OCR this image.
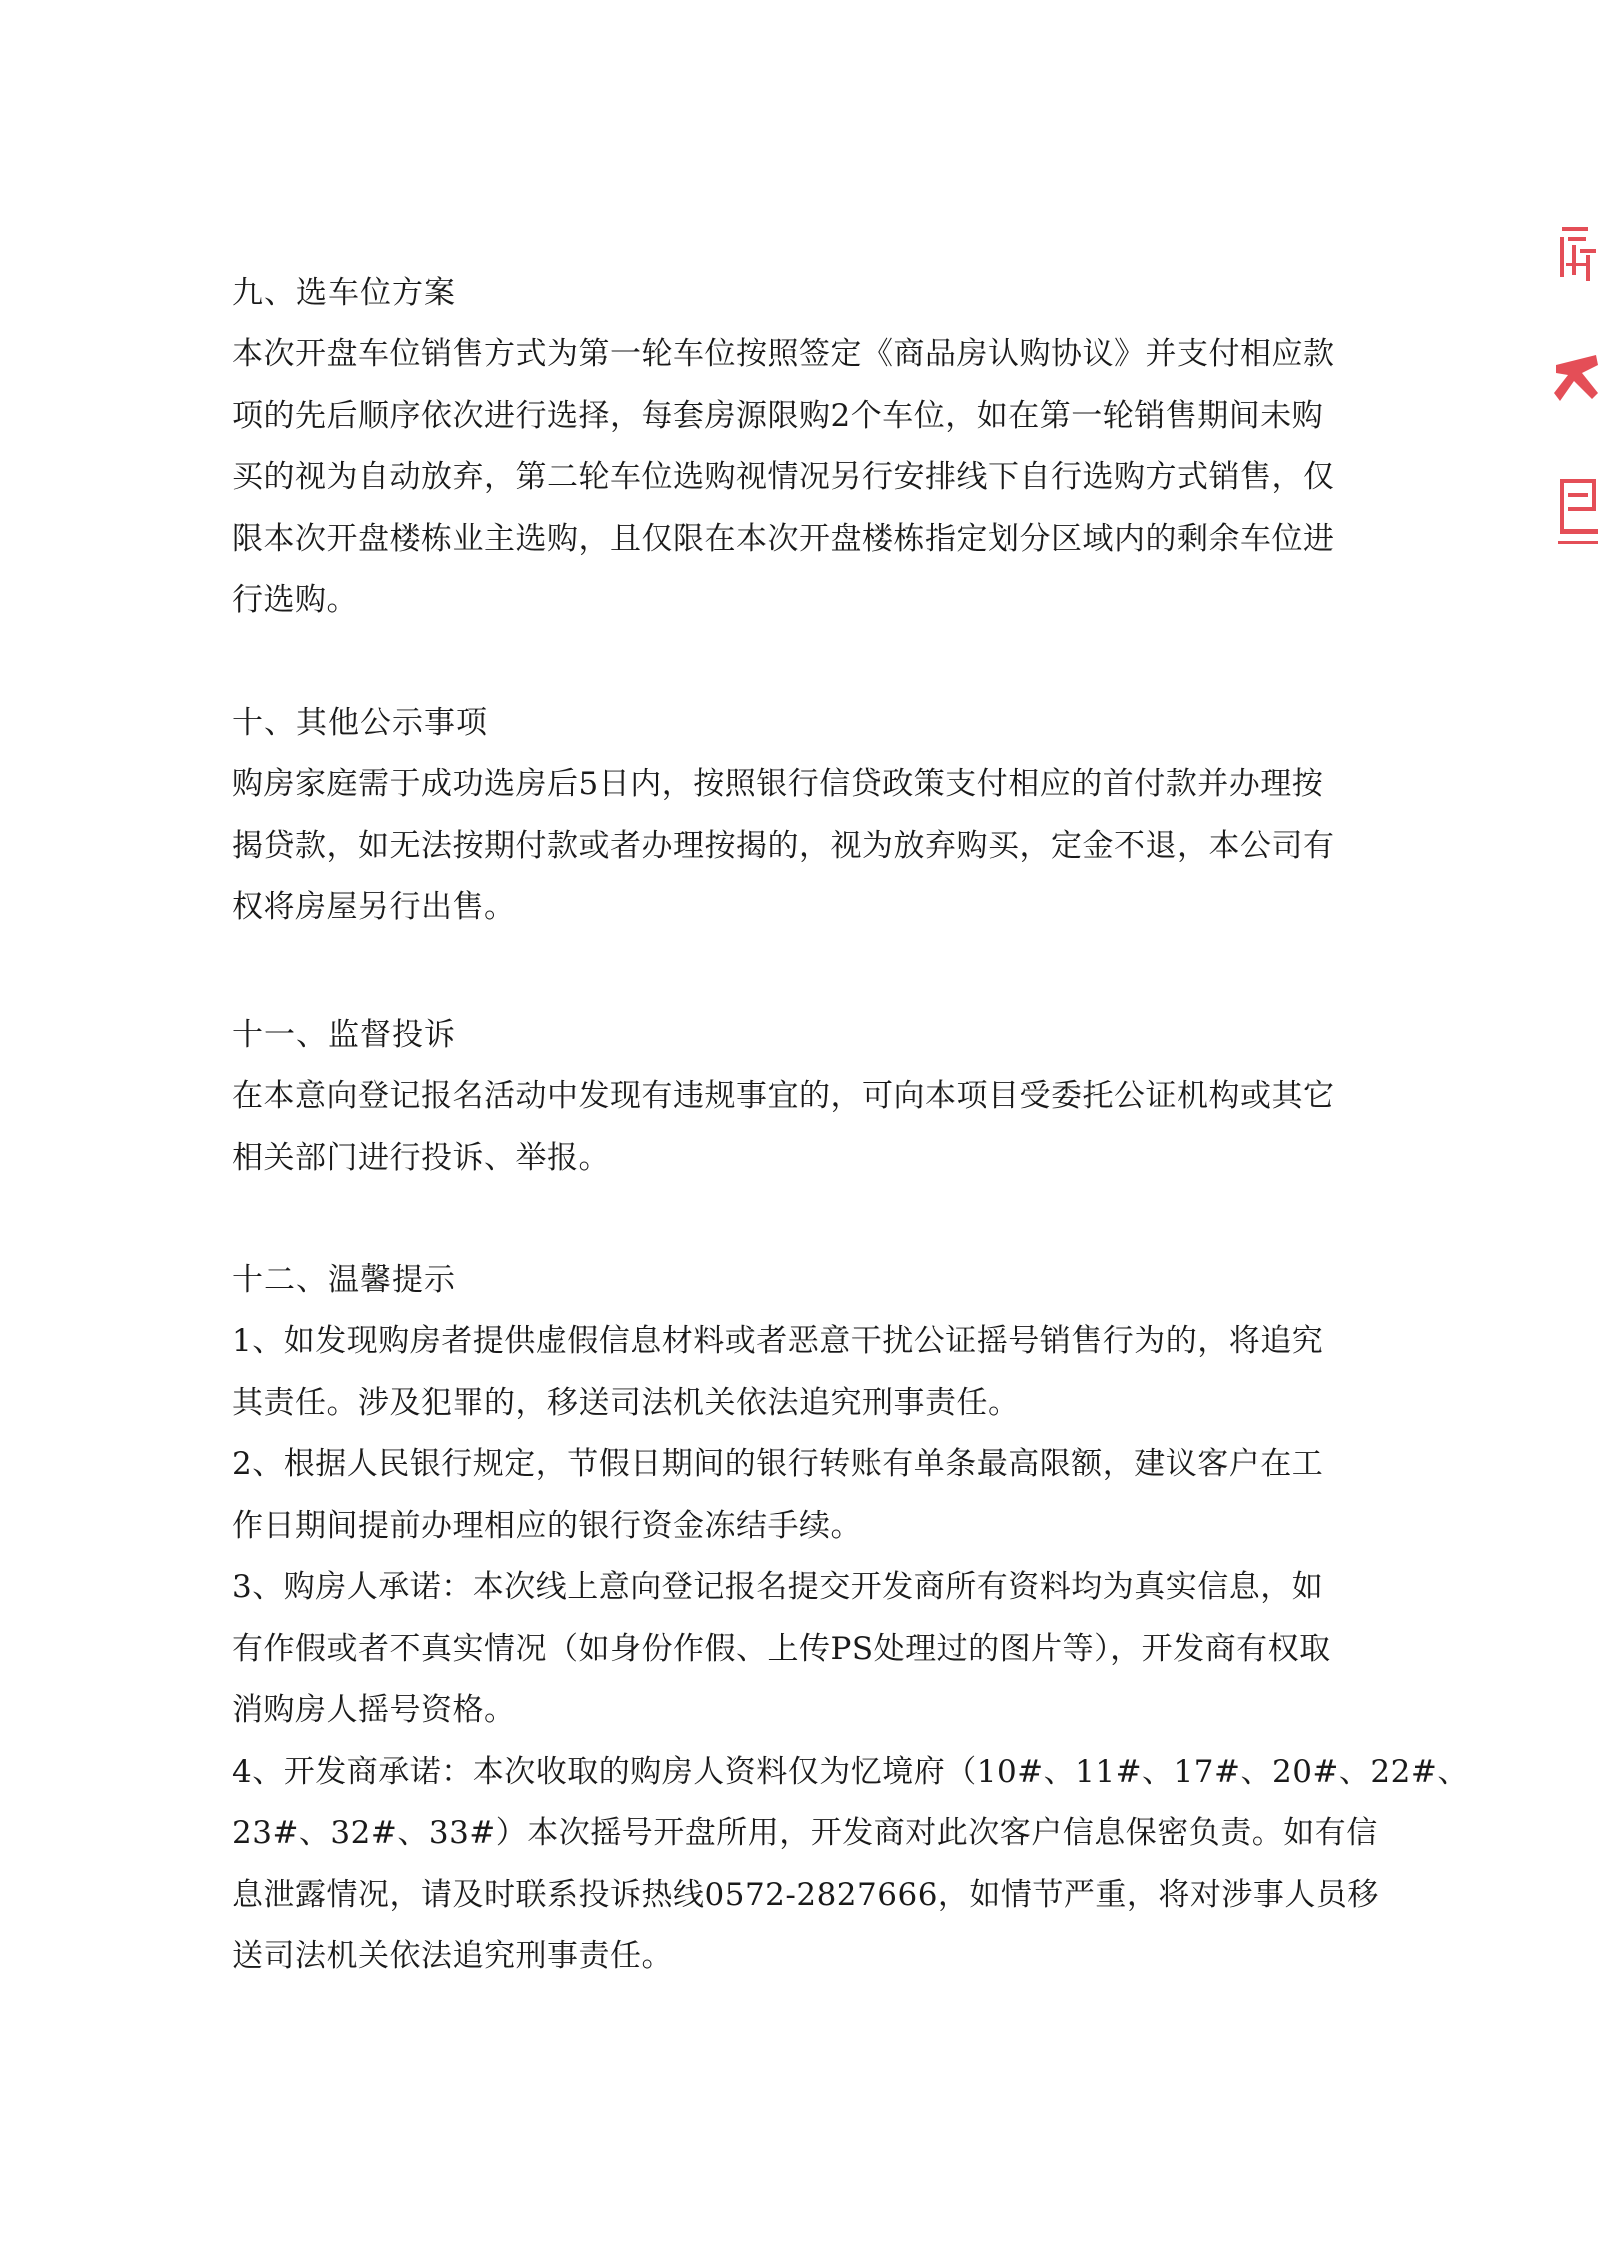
九、选车位方案

本次开盘车位销售方式为第一轮车位按照签定《商品房认购协议》并支付相应款

项的先后顺序依次进行选择，每套房源限购2个车位，如在第一轮销售期间未购

买的视为自动放弃，第二轮车位选购视情况另行安排线下自行选购方式销售，仅

限本次开盘楼栋业主选购，且仅限在本次开盘楼栋指定划分区域内的剩余车位进

行选购。

十、其他公示事项

购房家庭需于成功选房后5日内，按照银行信贷政策支付相应的首付款并办理按

揭贷款，如无法按期付款或者办理按揭的，视为放弃购买，定金不退，本公司有

权将房屋另行出售。

十一、监督投诉

在本意向登记报名活动中发现有违规事宜的，可向本项目受委托公证机构或其它

相关部门进行投诉、举报。

十二、温馨提示

1、如发现购房者提供虚假信息材料或者恶意干扰公证摇号销售行为的，将追究

其责任。涉及犯罪的，移送司法机关依法追究刑事责任。

2、根据人民银行规定，节假日期间的银行转账有单条最高限额，建议客户在工

作日期间提前办理相应的银行资金冻结手续。

3、购房人承诺：本次线上意向登记报名提交开发商所有资料均为真实信息，如

有作假或者不真实情况（如身份作假、上传PS处理过的图片等），开发商有权取

消购房人摇号资格。

4、开发商承诺：本次收取的购房人资料仅为忆境府（10#、11#、17#、20#、22#、

23#、32#、33#）本次摇号开盘所用，开发商对此次客户信息保密负责。如有信

息泄露情况，请及时联系投诉热线0572-2827666，如情节严重，将对涉事人员移

送司法机关依法追究刑事责任。
